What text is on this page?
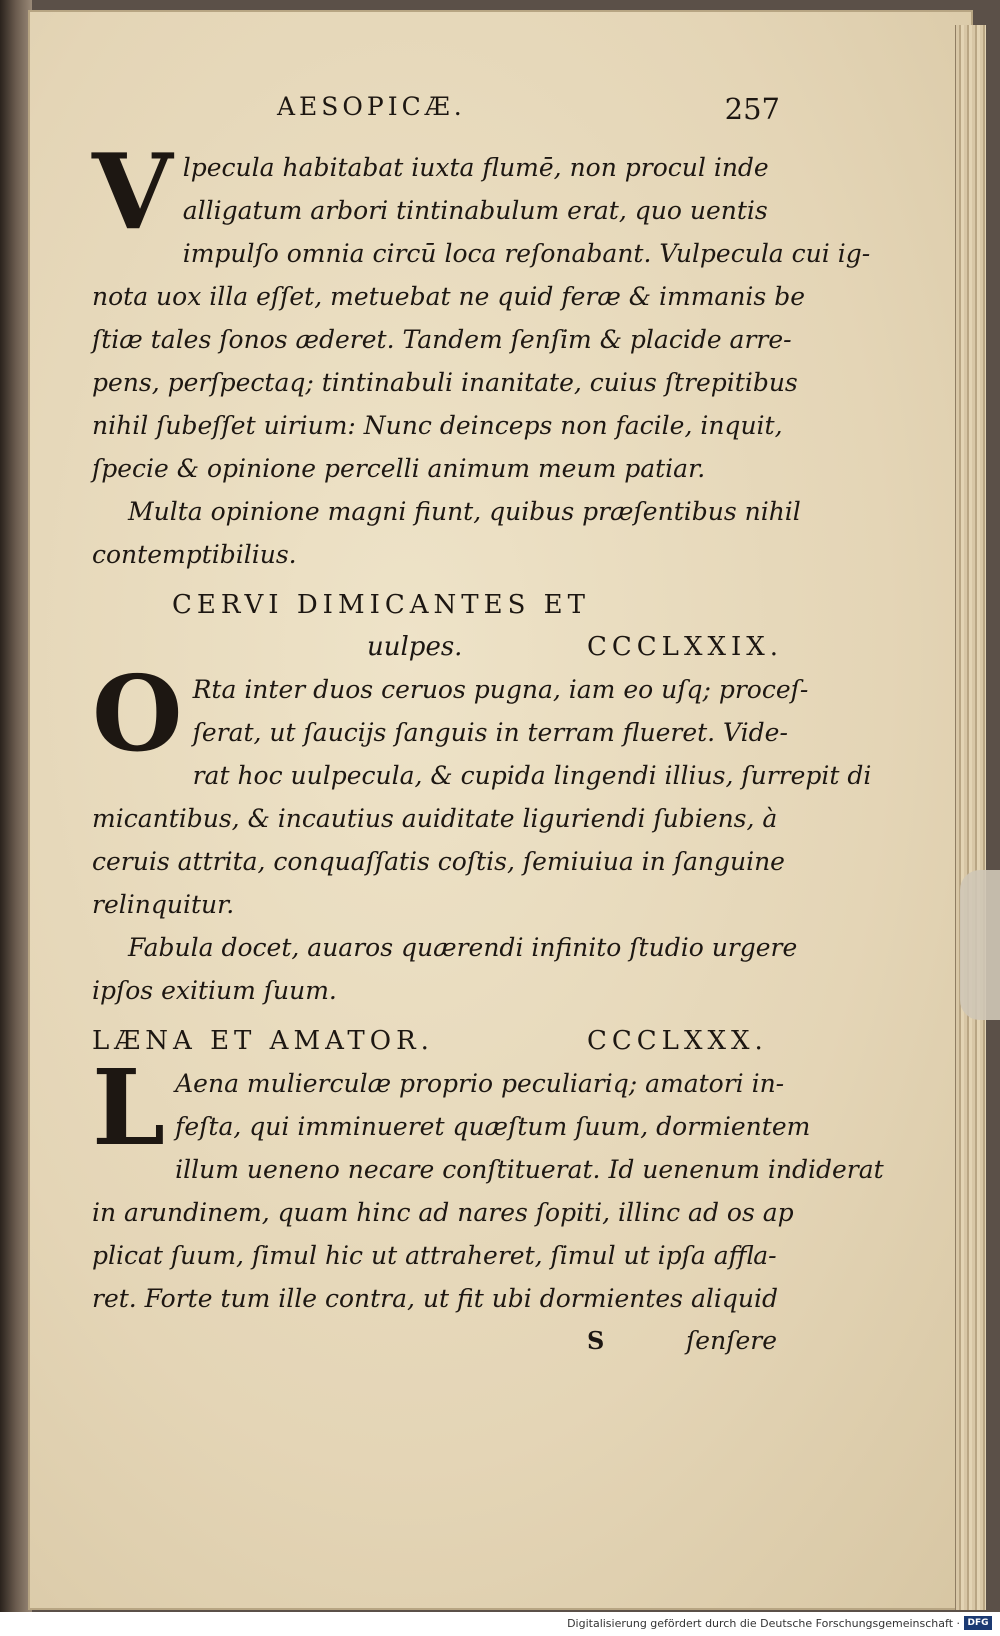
AESOPICÆ.	257
V lpecula habitabat iuxta flumē, non procul inde
alligatum arbori tintinabulum erat, quo uentis
impulſo omnia circū loca reſonabant. Vulpecula cui ig-
nota uox illa eſſet, metuebat ne quid feræ & immanis be
ſtiæ tales ſonos æderet. Tandem ſenſim & placide arre-
pens, perſpectaq; tintinabuli inanitate, cuius ſtrepitibus
nihil ſubeſſet uirium: Nunc deinceps non facile, inquit,
ſpecie & opinione percelli animum meum patiar.
Multa opinione magni fiunt, quibus præſentibus nihil
contemptibilius.
CERVI DIMICANTES ET
uulpes.	CCCLXXIX.
O Rta inter duos ceruos pugna, iam eo uſq; proceſ-
ſerat, ut ſaucijs ſanguis in terram flueret. Vide-
rat hoc uulpecula, & cupida lingendi illius, ſurrepit di
micantibus, & incautius auiditate liguriendi ſubiens, à
ceruis attrita, conquaſſatis coſtis, ſemiuiua in ſanguine
relinquitur.
Fabula docet, auaros quærendi infinito ſtudio urgere
ipſos exitium ſuum.
LÆNA ET AMATOR.	CCCLXXX.
L Aena mulierculæ proprio peculiariq; amatori in-
feſta, qui imminueret quæſtum ſuum, dormientem
illum ueneno necare conſtituerat. Id uenenum indiderat
in arundinem, quam hinc ad nares ſopiti, illinc ad os ap
plicat ſuum, ſimul hic ut attraheret, ſimul ut ipſa affla-
ret. Forte tum ille contra, ut fit ubi dormientes aliquid
S	ſenſere
Digitalisierung gefördert durch die Deutsche Forschungsgemeinschaft · DFG
